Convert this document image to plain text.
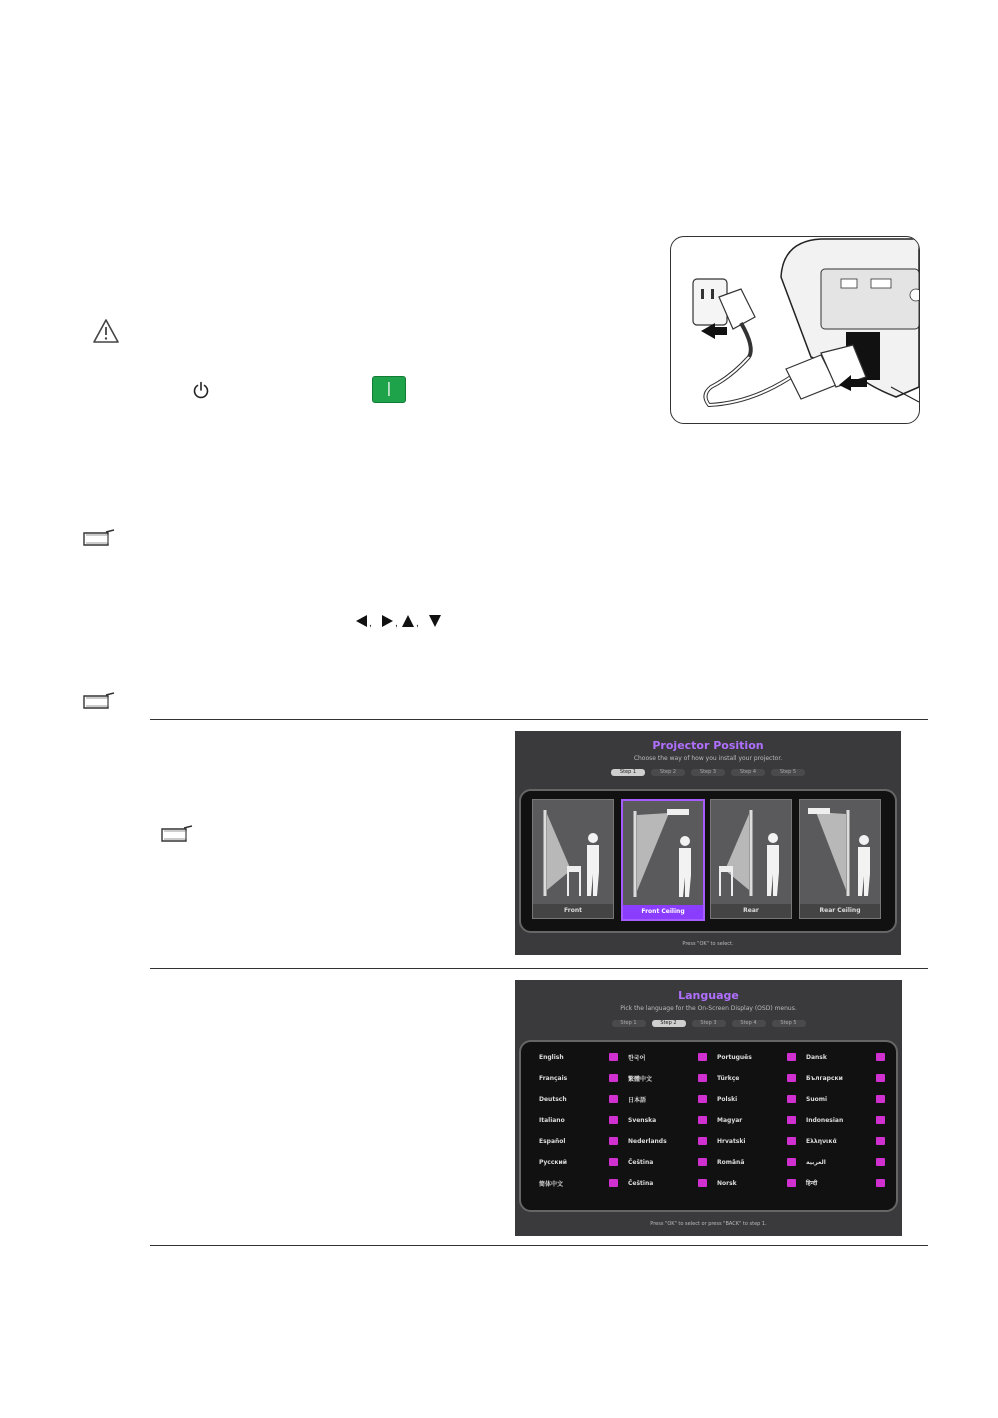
|
, , ,
Projector Position
Choose the way of how you install your projector.
Step 1	Step 2	Step 3	Step 4	Step 5
Front	Front Ceiling	Rear	Rear Ceiling
Press "OK" to select.
Language
Pick the language for the On-Screen Display (OSD) menus.
Step 1	Step 2	Step 3	Step 4	Step 5
English	한국어	Português	Dansk
Français	繁體中文	Türkçe	Български
Deutsch	日本語	Polski	Suomi
Italiano	Svenska	Magyar	Indonesian
Español	Nederlands	Hrvatski	Ελληνικά
Русский	Čeština	Română	العربية
简体中文	Čeština	Norsk	हिन्दी
Press "OK" to select or press "BACK" to step 1.
